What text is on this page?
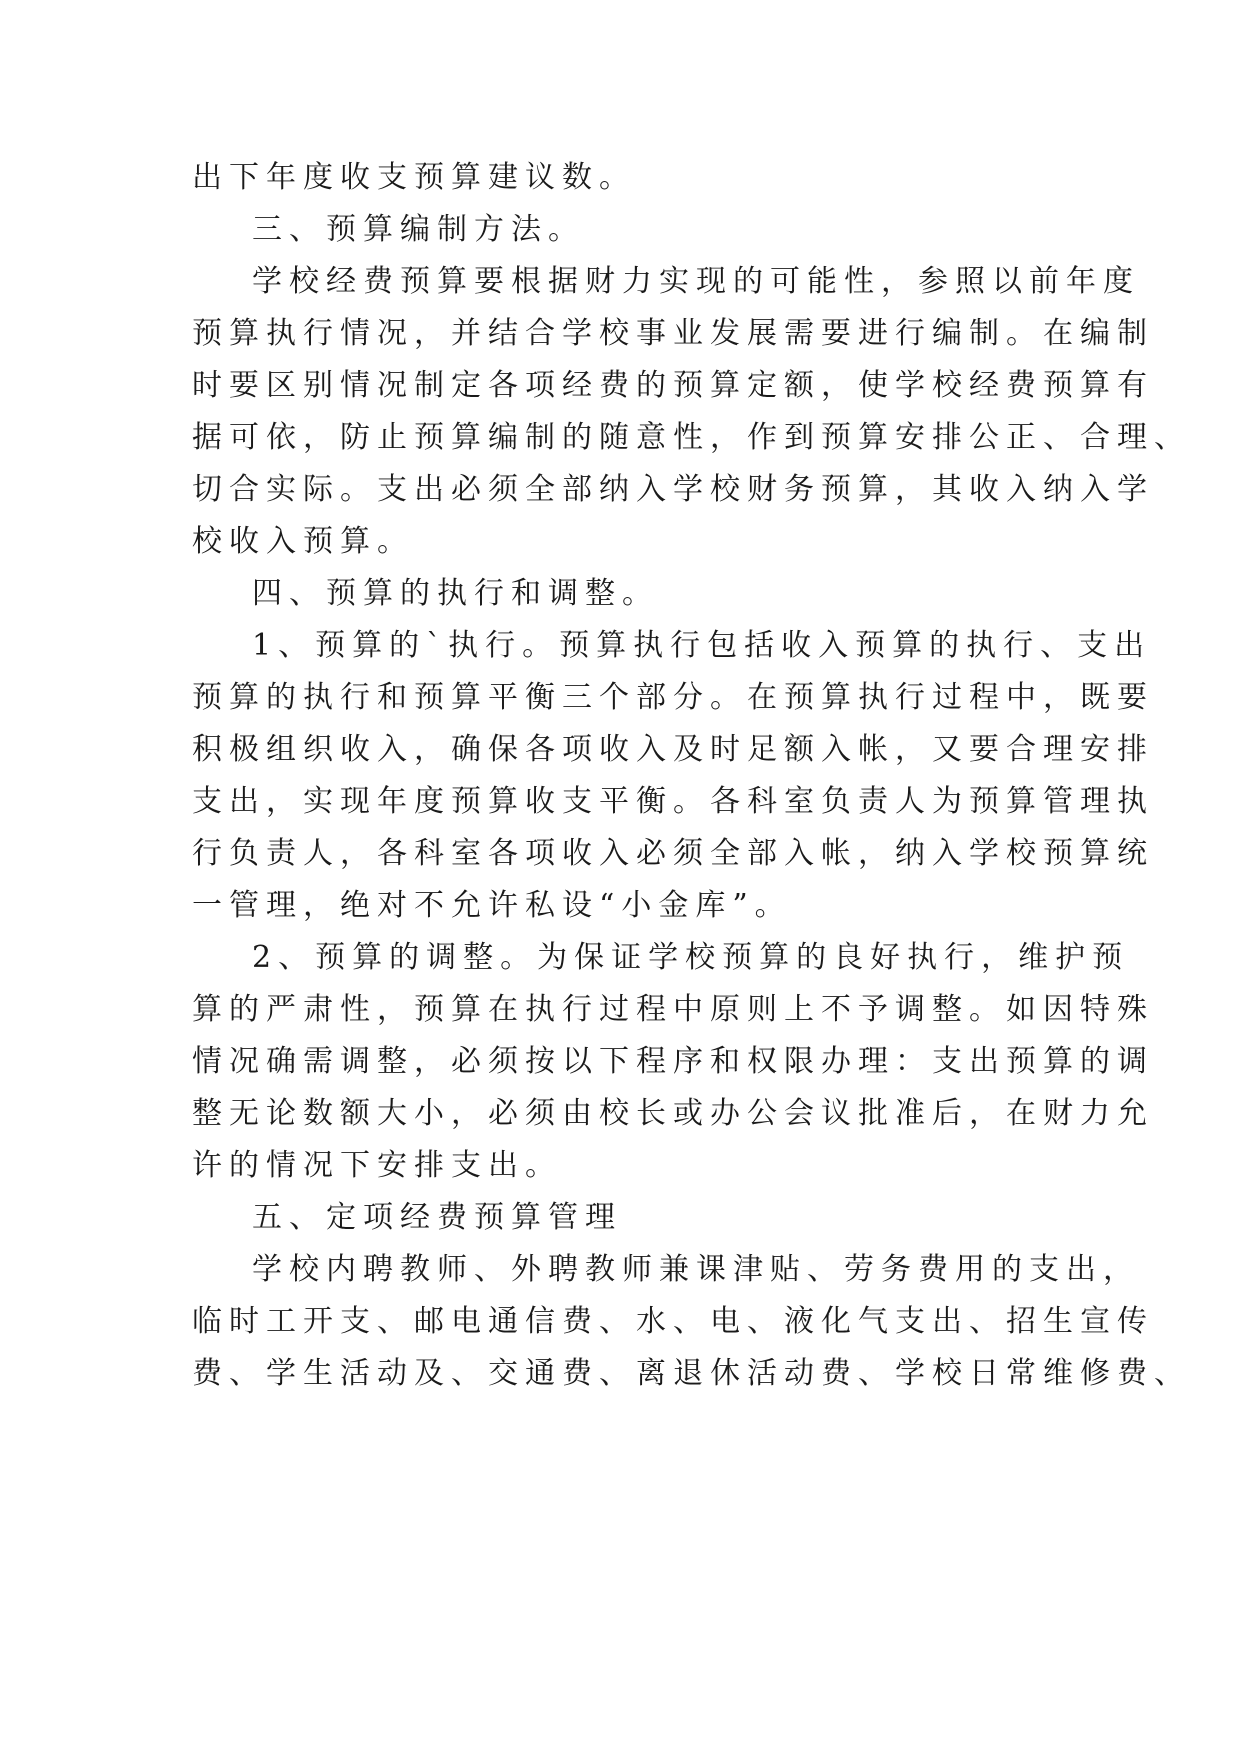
出下年度收支预算建议数。
三、预算编制方法。
学校经费预算要根据财力实现的可能性，参照以前年度
预算执行情况，并结合学校事业发展需要进行编制。在编制
时要区别情况制定各项经费的预算定额，使学校经费预算有
据可依，防止预算编制的随意性，作到预算安排公正、合理、
切合实际。支出必须全部纳入学校财务预算，其收入纳入学
校收入预算。
四、预算的执行和调整。
1、预算的`执行。预算执行包括收入预算的执行、支出
预算的执行和预算平衡三个部分。在预算执行过程中，既要
积极组织收入，确保各项收入及时足额入帐，又要合理安排
支出，实现年度预算收支平衡。各科室负责人为预算管理执
行负责人，各科室各项收入必须全部入帐，纳入学校预算统
一管理，绝对不允许私设“小金库”。
2、预算的调整。为保证学校预算的良好执行，维护预
算的严肃性，预算在执行过程中原则上不予调整。如因特殊
情况确需调整，必须按以下程序和权限办理：支出预算的调
整无论数额大小，必须由校长或办公会议批准后，在财力允
许的情况下安排支出。
五、定项经费预算管理
学校内聘教师、外聘教师兼课津贴、劳务费用的支出，
临时工开支、邮电通信费、水、电、液化气支出、招生宣传
费、学生活动及、交通费、离退休活动费、学校日常维修费、
